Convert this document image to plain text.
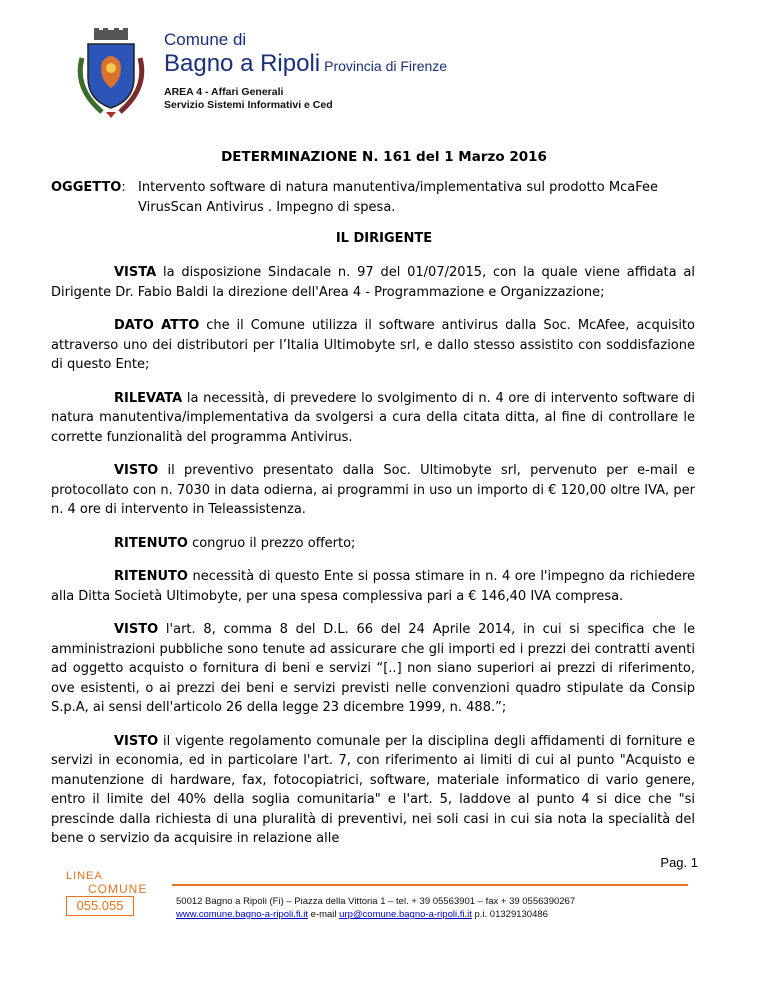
Comune di
Bagno a Ripoli Provincia di Firenze
AREA 4 - Affari Generali
Servizio Sistemi Informativi e Ced
DETERMINAZIONE N. 161 del 1 Marzo 2016
OGGETTO: Intervento software di natura manutentiva/implementativa sul prodotto McaFee VirusScan Antivirus . Impegno di spesa.
IL DIRIGENTE

VISTA la disposizione Sindacale n. 97 del 01/07/2015, con la quale viene affidata al Dirigente Dr. Fabio Baldi la direzione dell'Area 4 - Programmazione e Organizzazione;

DATO ATTO che il Comune utilizza il software antivirus dalla Soc. McAfee, acquisito attraverso uno dei distributori per l’Italia Ultimobyte srl, e dallo stesso assistito con soddisfazione di questo Ente;

RILEVATA la necessità, di prevedere lo svolgimento di n. 4 ore di intervento software di natura manutentiva/implementativa da svolgersi a cura della citata ditta, al fine di controllare le corrette funzionalità del programma Antivirus.

VISTO il preventivo presentato dalla Soc. Ultimobyte srl, pervenuto per e-mail e protocollato con n. 7030 in data odierna, ai programmi in uso un importo di € 120,00 oltre IVA, per n. 4 ore di intervento in Teleassistenza.

RITENUTO congruo il prezzo offerto;

RITENUTO necessità di questo Ente si possa stimare in n. 4 ore l'impegno da richiedere alla Ditta Società Ultimobyte, per una spesa complessiva pari a € 146,40 IVA compresa.

VISTO l'art. 8, comma 8 del D.L. 66 del 24 Aprile 2014, in cui si specifica che le amministrazioni pubbliche sono tenute ad assicurare che gli importi ed i prezzi dei contratti aventi ad oggetto acquisto o fornitura di beni e servizi “[..] non siano superiori ai prezzi di riferimento, ove esistenti, o ai prezzi dei beni e servizi previsti nelle convenzioni quadro stipulate da Consip S.p.A, ai sensi dell'articolo 26 della legge 23 dicembre 1999, n. 488.”;

VISTO il vigente regolamento comunale per la disciplina degli affidamenti di forniture e servizi in economia, ed in particolare l'art. 7, con riferimento ai limiti di cui al punto "Acquisto e manutenzione di hardware, fax, fotocopiatrici, software, materiale informatico di vario genere, entro il limite del 40% della soglia comunitaria" e l'art. 5, laddove al punto 4 si dice che "si prescinde dalla richiesta di una pluralità di preventivi, nei soli casi in cui sia nota la specialità del bene o servizio da acquisire in relazione alle

Pag. 1
LINEA
COMUNE
055.055	50012 Bagno a Ripoli (Fi) – Piazza della Vittoria 1 – tel. + 39 05563901 – fax + 39 0556390267
www.comune.bagno-a-ripoli.fi.it e-mail urp@comune.bagno-a-ripoli.fi.it p.i. 01329130486
